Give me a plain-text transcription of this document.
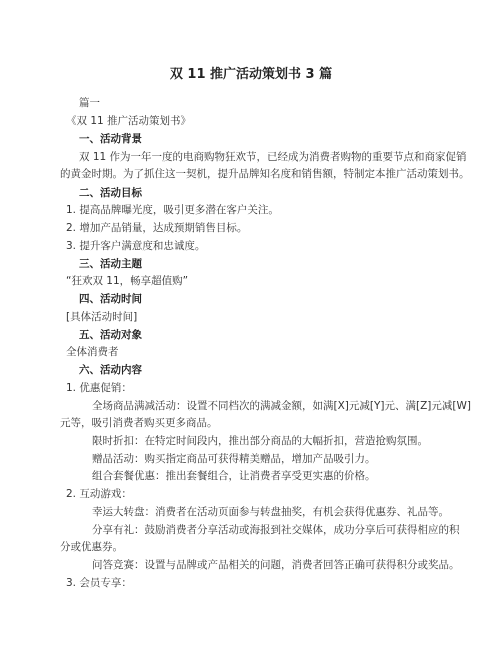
双 11 推广活动策划书 3 篇
篇一
《双 11 推广活动策划书》
一、活动背景
双 11 作为一年一度的电商购物狂欢节，已经成为消费者购物的重要节点和商家促销
的黄金时期。为了抓住这一契机，提升品牌知名度和销售额，特制定本推广活动策划书。
二、活动目标
1. 提高品牌曝光度，吸引更多潜在客户关注。
2. 增加产品销量，达成预期销售目标。
3. 提升客户满意度和忠诚度。
三、活动主题
“狂欢双 11，畅享超值购”
四、活动时间
[具体活动时间]
五、活动对象
全体消费者
六、活动内容
1. 优惠促销：
全场商品满减活动：设置不同档次的满减金额，如满[X]元减[Y]元、满[Z]元减[W]
元等，吸引消费者购买更多商品。
限时折扣：在特定时间段内，推出部分商品的大幅折扣，营造抢购氛围。
赠品活动：购买指定商品可获得精美赠品，增加产品吸引力。
组合套餐优惠：推出套餐组合，让消费者享受更实惠的价格。
2. 互动游戏：
幸运大转盘：消费者在活动页面参与转盘抽奖，有机会获得优惠券、礼品等。
分享有礼：鼓励消费者分享活动或海报到社交媒体，成功分享后可获得相应的积
分或优惠券。
问答竞赛：设置与品牌或产品相关的问题，消费者回答正确可获得积分或奖品。
3. 会员专享：
